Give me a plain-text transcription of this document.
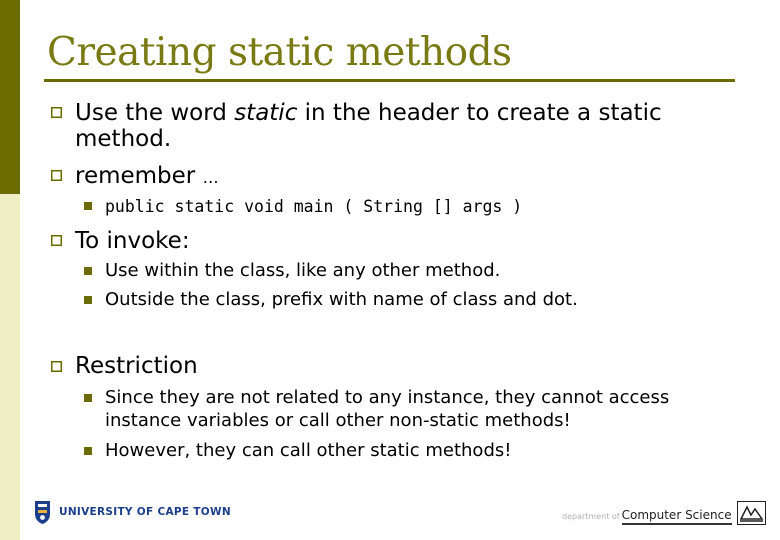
Creating static methods
Use the word static in the header to create a static
method.
remember …
public static void main ( String [] args )
To invoke:
Use within the class, like any other method.
Outside the class, prefix with name of class and dot.
Restriction
Since they are not related to any instance, they cannot access
instance variables or call other non-static methods!
However, they can call other static methods!
UNIVERSITY OF CAPE TOWN	department of Computer Science
